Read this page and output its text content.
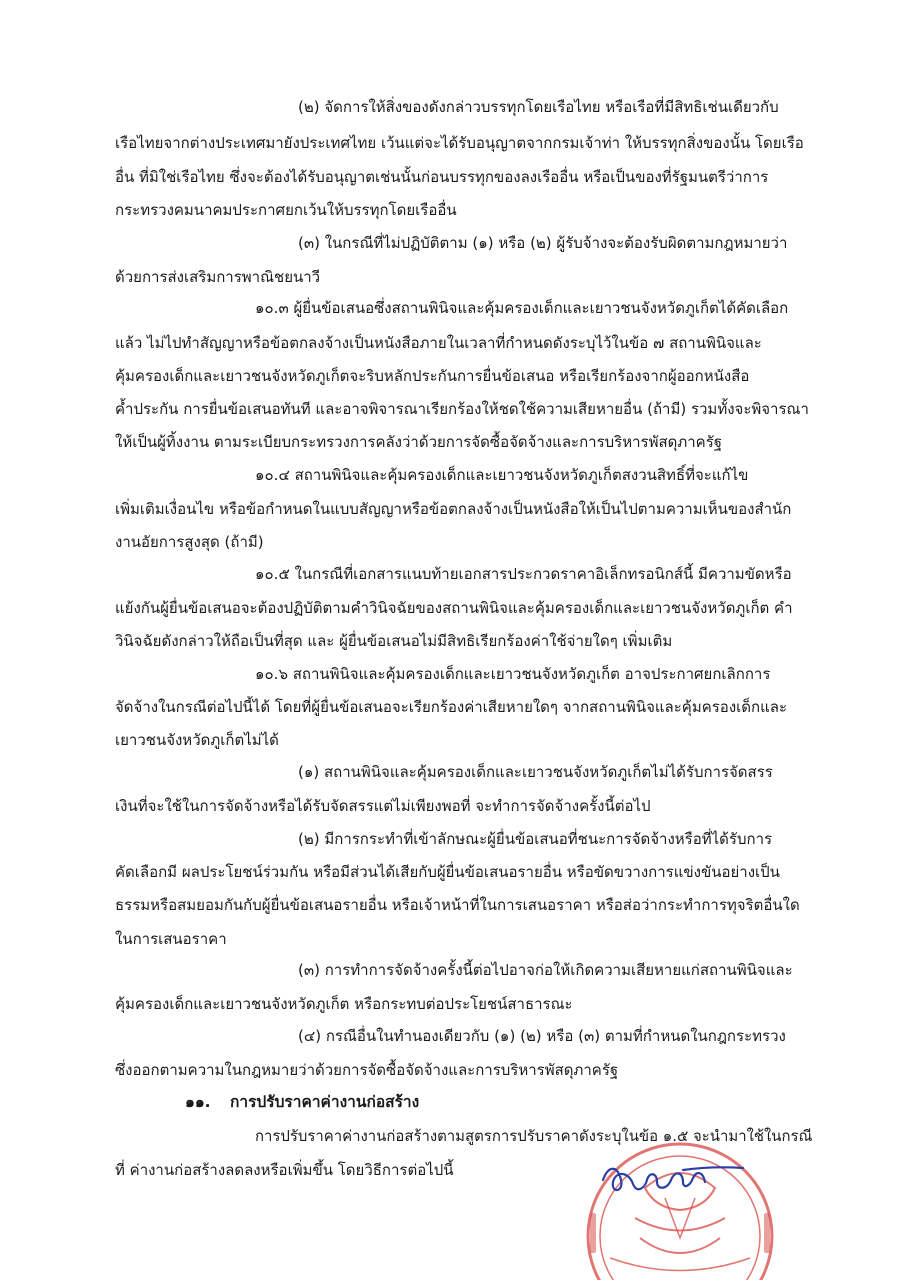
(๒) จัดการให้สิ่งของดังกล่าวบรรทุกโดยเรือไทย หรือเรือที่มีสิทธิเช่นเดียวกับ

เรือไทยจากต่างประเทศมายังประเทศไทย เว้นแต่จะได้รับอนุญาตจากกรมเจ้าท่า ให้บรรทุกสิ่งของนั้น โดยเรือ

อื่น ที่มิใช่เรือไทย ซึ่งจะต้องได้รับอนุญาตเช่นนั้นก่อนบรรทุกของลงเรืออื่น หรือเป็นของที่รัฐมนตรีว่าการ

กระทรวงคมนาคมประกาศยกเว้นให้บรรทุกโดยเรืออื่น

(๓) ในกรณีที่ไม่ปฏิบัติตาม (๑) หรือ (๒) ผู้รับจ้างจะต้องรับผิดตามกฎหมายว่า

ด้วยการส่งเสริมการพาณิชยนาวี

๑๐.๓ ผู้ยื่นข้อเสนอซึ่งสถานพินิจและคุ้มครองเด็กและเยาวชนจังหวัดภูเก็ตได้คัดเลือก

แล้ว ไม่ไปทำสัญญาหรือข้อตกลงจ้างเป็นหนังสือภายในเวลาที่กำหนดดังระบุไว้ในข้อ ๗ สถานพินิจและ

คุ้มครองเด็กและเยาวชนจังหวัดภูเก็ตจะริบหลักประกันการยื่นข้อเสนอ หรือเรียกร้องจากผู้ออกหนังสือ

ค้ำประกัน การยื่นข้อเสนอทันที และอาจพิจารณาเรียกร้องให้ชดใช้ความเสียหายอื่น (ถ้ามี) รวมทั้งจะพิจารณา

ให้เป็นผู้ทิ้งงาน ตามระเบียบกระทรวงการคลังว่าด้วยการจัดซื้อจัดจ้างและการบริหารพัสดุภาครัฐ

๑๐.๔ สถานพินิจและคุ้มครองเด็กและเยาวชนจังหวัดภูเก็ตสงวนสิทธิ์ที่จะแก้ไข

เพิ่มเติมเงื่อนไข หรือข้อกำหนดในแบบสัญญาหรือข้อตกลงจ้างเป็นหนังสือให้เป็นไปตามความเห็นของสำนัก

งานอัยการสูงสุด (ถ้ามี)

๑๐.๕ ในกรณีที่เอกสารแนบท้ายเอกสารประกวดราคาอิเล็กทรอนิกส์นี้ มีความขัดหรือ

แย้งกันผู้ยื่นข้อเสนอจะต้องปฏิบัติตามคำวินิจฉัยของสถานพินิจและคุ้มครองเด็กและเยาวชนจังหวัดภูเก็ต คำ

วินิจฉัยดังกล่าวให้ถือเป็นที่สุด และ ผู้ยื่นข้อเสนอไม่มีสิทธิเรียกร้องค่าใช้จ่ายใดๆ เพิ่มเติม

๑๐.๖ สถานพินิจและคุ้มครองเด็กและเยาวชนจังหวัดภูเก็ต อาจประกาศยกเลิกการ

จัดจ้างในกรณีต่อไปนี้ได้ โดยที่ผู้ยื่นข้อเสนอจะเรียกร้องค่าเสียหายใดๆ จากสถานพินิจและคุ้มครองเด็กและ

เยาวชนจังหวัดภูเก็ตไม่ได้

(๑) สถานพินิจและคุ้มครองเด็กและเยาวชนจังหวัดภูเก็ตไม่ได้รับการจัดสรร

เงินที่จะใช้ในการจัดจ้างหรือได้รับจัดสรรแต่ไม่เพียงพอที่ จะทำการจัดจ้างครั้งนี้ต่อไป

(๒) มีการกระทำที่เข้าลักษณะผู้ยื่นข้อเสนอที่ชนะการจัดจ้างหรือที่ได้รับการ

คัดเลือกมี ผลประโยชน์ร่วมกัน หรือมีส่วนได้เสียกับผู้ยื่นข้อเสนอรายอื่น หรือขัดขวางการแข่งขันอย่างเป็น

ธรรมหรือสมยอมกันกับผู้ยื่นข้อเสนอรายอื่น หรือเจ้าหน้าที่ในการเสนอราคา หรือส่อว่ากระทำการทุจริตอื่นใด

ในการเสนอราคา

(๓) การทำการจัดจ้างครั้งนี้ต่อไปอาจก่อให้เกิดความเสียหายแก่สถานพินิจและ

คุ้มครองเด็กและเยาวชนจังหวัดภูเก็ต หรือกระทบต่อประโยชน์สาธารณะ

(๔) กรณีอื่นในทำนองเดียวกับ (๑) (๒) หรือ (๓) ตามที่กำหนดในกฎกระทรวง

ซึ่งออกตามความในกฎหมายว่าด้วยการจัดซื้อจัดจ้างและการบริหารพัสดุภาครัฐ

๑๑. การปรับราคาค่างานก่อสร้าง

การปรับราคาค่างานก่อสร้างตามสูตรการปรับราคาดังระบุในข้อ ๑.๕ จะนำมาใช้ในกรณี

ที่ ค่างานก่อสร้างลดลงหรือเพิ่มขึ้น โดยวิธีการต่อไปนี้
